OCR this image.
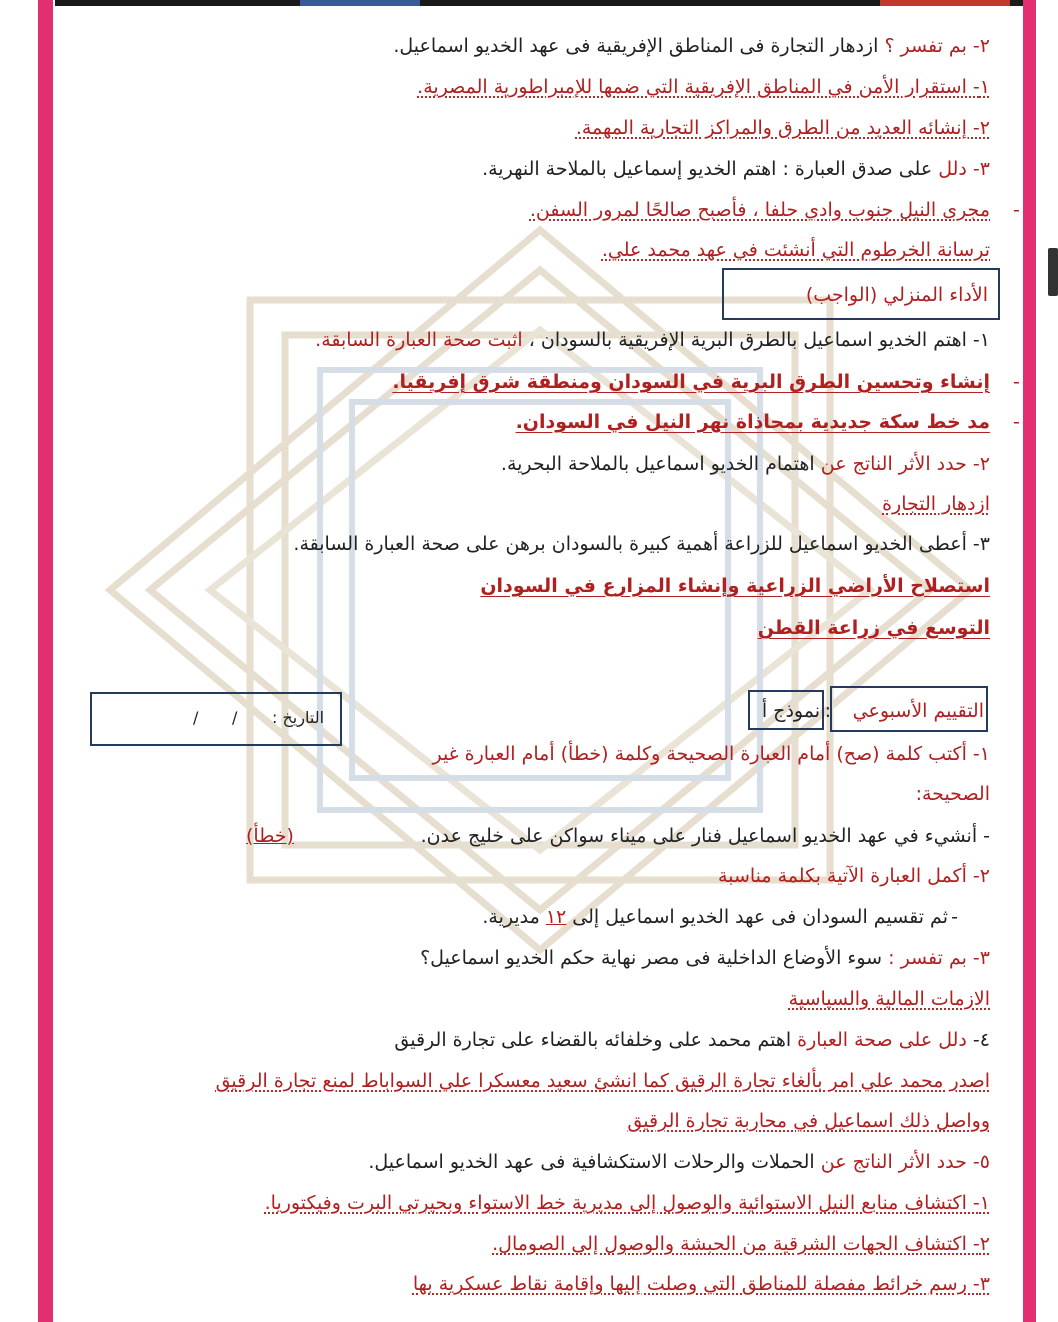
٢- بم تفسر ؟ ازدهار التجارة فى المناطق الإفريقية فى عهد الخديو اسماعيل.
١- استقرار الأمن في المناطق الإفريقية التي ضمها للإمبراطورية المصرية.
٢- إنشائه العديد من الطرق والمراكز التجارية المهمة.
٣- دلل على صدق العبارة : اهتم الخديو إسماعيل بالملاحة النهرية.
-
مجرى النيل جنوب وادي حلفا ، فأصبح صالحًا لمرور السفن.
ترسانة الخرطوم التي أنشئت في عهد محمد علي.
الأداء المنزلي (الواجب)
١- اهتم الخديو اسماعيل بالطرق البرية الإفريقية بالسودان ، اثبت صحة العبارة السابقة.
-
إنشاء وتحسين الطرق البرية في السودان ومنطقة شرق إفريقيا.
-
مد خط سكة جديدية بمحاذاة نهر النيل في السودان.
٢- حدد الأثر الناتج عن اهتمام الخديو اسماعيل بالملاحة البحرية.
ازدهار التجارة
٣- أعطى الخديو اسماعيل للزراعة أهمية كبيرة بالسودان برهن على صحة العبارة السابقة.
استصلاح الأراضي الزراعية وإنشاء المزارع في السودان
التوسع في زراعة القطن
التقييم الأسبوعي
:
نموذج أ
التاريخ :
/
/
١- أكتب كلمة (صح) أمام العبارة الصحيحة وكلمة (خطأ) أمام العبارة غير
الصحيحة:
- أنشيء في عهد الخديو اسماعيل فنار على ميناء سواكن على خليج عدن.
(خطأ)
٢- أكمل العبارة الآتية بكلمة مناسبة
ثم تقسيم السودان فى عهد الخديو اسماعيل إلى ١٢ مديرية.	-
٣- بم تفسر : سوء الأوضاع الداخلية فى مصر نهاية حكم الخديو اسماعيل؟
الازمات المالية والسياسية
٤- دلل على صحة العبارة اهتم محمد على وخلفائه بالقضاء على تجارة الرقيق
اصدر محمد علي امر بألغاء تجارة الرقيق كما انشئ سعيد معسكرا علي السواباط لمنع تجارة الرقيق
وواصل ذلك اسماعيل في محاربة تجارة الرقيق
٥- حدد الأثر الناتج عن الحملات والرحلات الاستكشافية فى عهد الخديو اسماعيل.
١- اكتشاف منابع النيل الاستوائية والوصول إلى مديرية خط الاستواء وبحيرتي البرت وفيكتوريا.
٢- اكتشاف الجهات الشرقية من الحبشة والوصول إلى الصومال.
٣- رسم خرائط مفصلة للمناطق التي وصلت إليها وإقامة نقاط عسكرية بها
